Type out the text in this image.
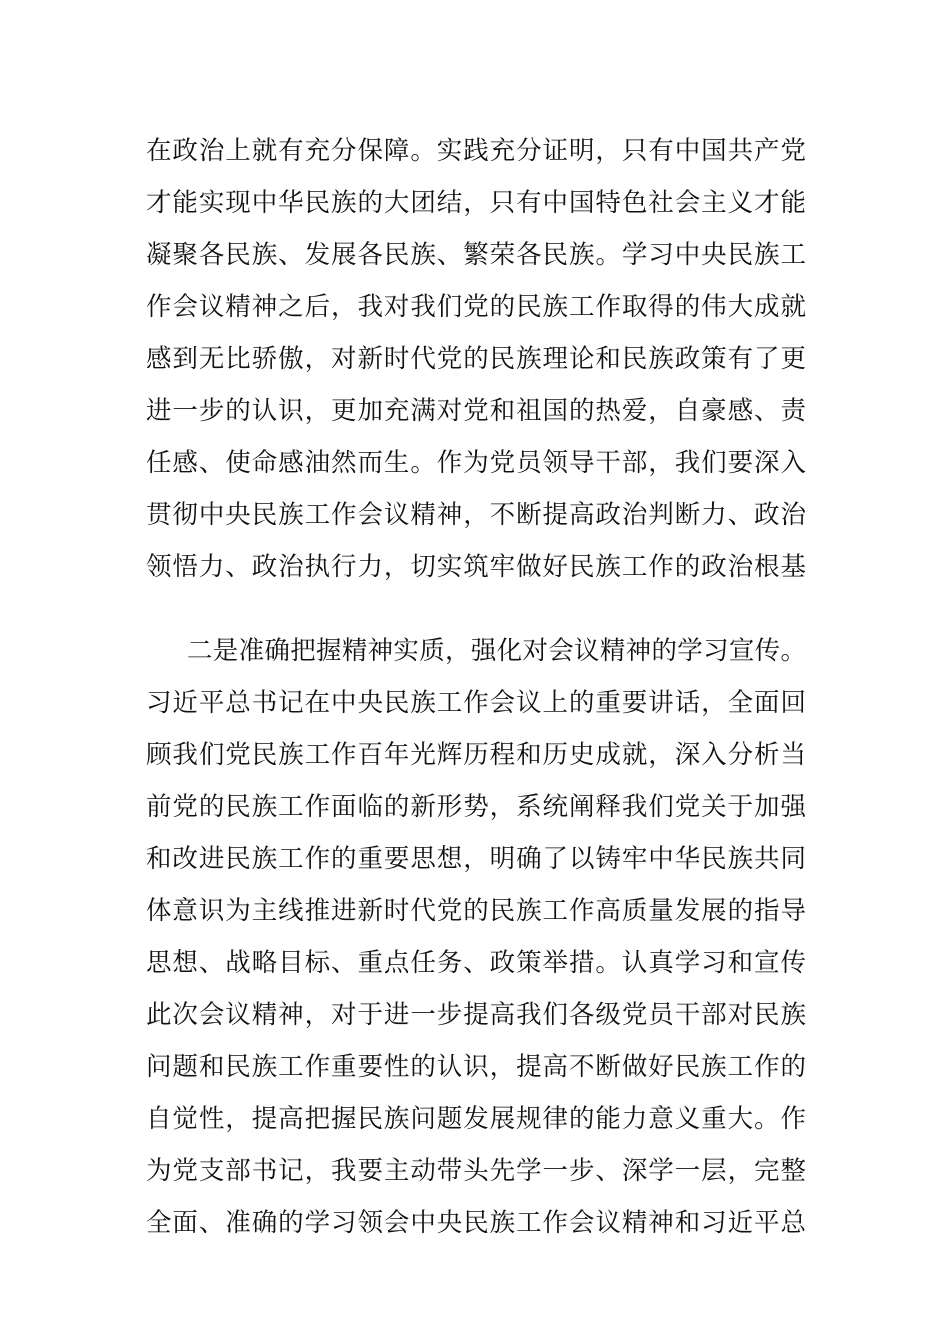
在政治上就有充分保障。实践充分证明，只有中国共产党
才能实现中华民族的大团结，只有中国特色社会主义才能
凝聚各民族、发展各民族、繁荣各民族。学习中央民族工
作会议精神之后，我对我们党的民族工作取得的伟大成就
感到无比骄傲，对新时代党的民族理论和民族政策有了更
进一步的认识，更加充满对党和祖国的热爱，自豪感、责
任感、使命感油然而生。作为党员领导干部，我们要深入
贯彻中央民族工作会议精神，不断提高政治判断力、政治
领悟力、政治执行力，切实筑牢做好民族工作的政治根基
二是准确把握精神实质，强化对会议精神的学习宣传。
习近平总书记在中央民族工作会议上的重要讲话，全面回
顾我们党民族工作百年光辉历程和历史成就，深入分析当
前党的民族工作面临的新形势，系统阐释我们党关于加强
和改进民族工作的重要思想，明确了以铸牢中华民族共同
体意识为主线推进新时代党的民族工作高质量发展的指导
思想、战略目标、重点任务、政策举措。认真学习和宣传
此次会议精神，对于进一步提高我们各级党员干部对民族
问题和民族工作重要性的认识，提高不断做好民族工作的
自觉性，提高把握民族问题发展规律的能力意义重大。作
为党支部书记，我要主动带头先学一步、深学一层，完整
全面、准确的学习领会中央民族工作会议精神和习近平总
